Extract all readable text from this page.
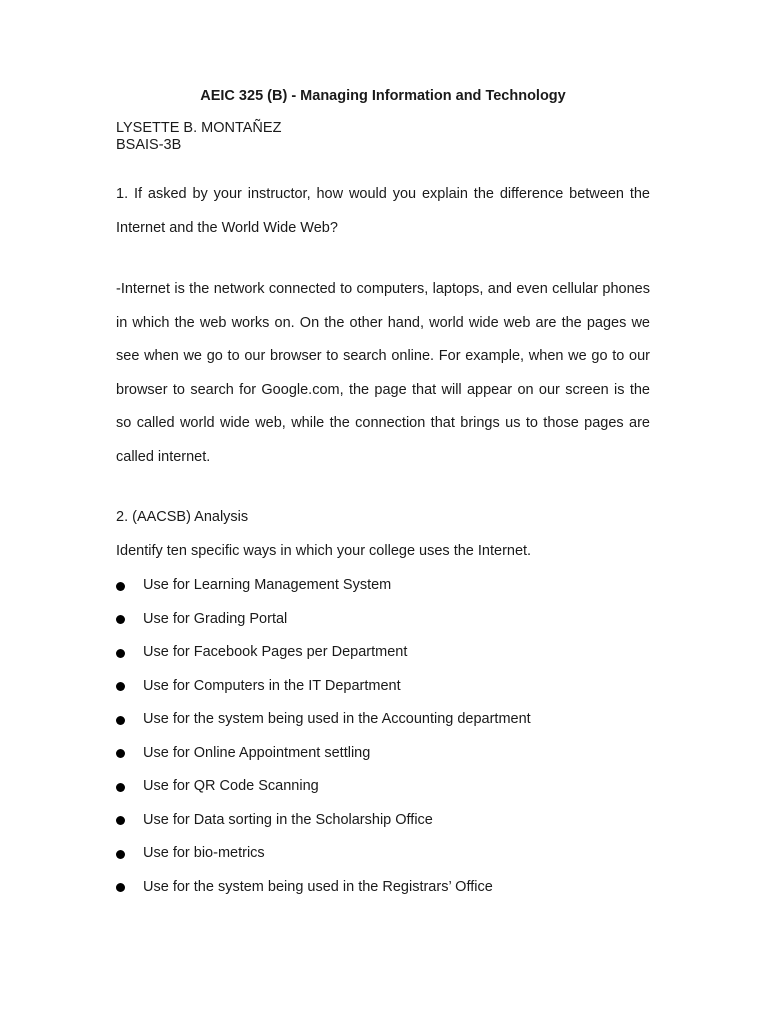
AEIC 325 (B) - Managing Information and Technology
LYSETTE B. MONTAÑEZ
BSAIS-3B

1. If asked by your instructor, how would you explain the difference between the Internet and the World Wide Web?

-Internet is the network connected to computers, laptops, and even cellular phones in which the web works on. On the other hand, world wide web are the pages we see when we go to our browser to search online. For example, when we go to our browser to search for Google.com, the page that will appear on our screen is the so called world wide web, while the connection that brings us to those pages are called internet.

2. (AACSB) Analysis

Identify ten specific ways in which your college uses the Internet.

Use for Learning Management System
Use for Grading Portal
Use for Facebook Pages per Department
Use for Computers in the IT Department
Use for the system being used in the Accounting department
Use for Online Appointment settling
Use for QR Code Scanning
Use for Data sorting in the Scholarship Office
Use for bio-metrics
Use for the system being used in the Registrars’ Office
